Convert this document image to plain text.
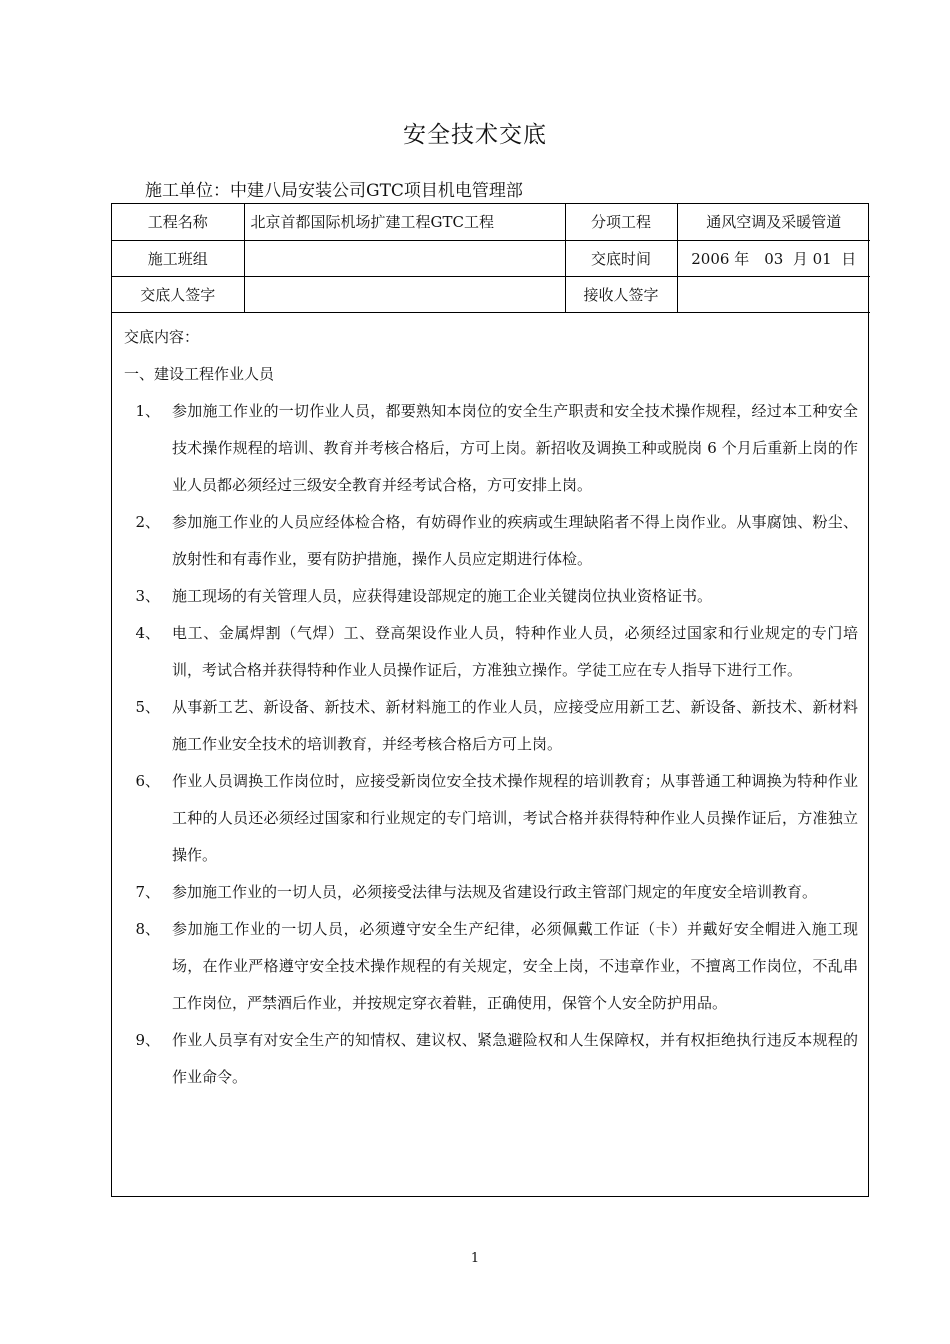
安全技术交底
施工单位：中建八局安装公司GTC项目机电管理部
工程名称	北京首都国际机场扩建工程GTC工程	分项工程	通风空调及采暖管道
施工班组		交底时间	2006 年　03  月 01  日
交底人签字		接收人签字	
交底内容：
一、建设工程作业人员
1、 参加施工作业的一切作业人员，都要熟知本岗位的安全生产职责和安全技术操作规程，经过本工种安全技术操作规程的培训、教育并考核合格后，方可上岗。新招收及调换工种或脱岗 6 个月后重新上岗的作业人员都必须经过三级安全教育并经考试合格，方可安排上岗。
2、 参加施工作业的人员应经体检合格，有妨碍作业的疾病或生理缺陷者不得上岗作业。从事腐蚀、粉尘、放射性和有毒作业，要有防护措施，操作人员应定期进行体检。
3、 施工现场的有关管理人员，应获得建设部规定的施工企业关键岗位执业资格证书。
4、 电工、金属焊割（气焊）工、登高架设作业人员，特种作业人员，必须经过国家和行业规定的专门培训，考试合格并获得特种作业人员操作证后，方准独立操作。学徒工应在专人指导下进行工作。
5、 从事新工艺、新设备、新技术、新材料施工的作业人员，应接受应用新工艺、新设备、新技术、新材料施工作业安全技术的培训教育，并经考核合格后方可上岗。
6、 作业人员调换工作岗位时，应接受新岗位安全技术操作规程的培训教育；从事普通工种调换为特种作业工种的人员还必须经过国家和行业规定的专门培训，考试合格并获得特种作业人员操作证后，方准独立操作。
7、 参加施工作业的一切人员，必须接受法律与法规及省建设行政主管部门规定的年度安全培训教育。
8、 参加施工作业的一切人员，必须遵守安全生产纪律，必须佩戴工作证（卡）并戴好安全帽进入施工现场，在作业严格遵守安全技术操作规程的有关规定，安全上岗，不违章作业，不擅离工作岗位，不乱串工作岗位，严禁酒后作业，并按规定穿衣着鞋，正确使用，保管个人安全防护用品。
9、 作业人员享有对安全生产的知情权、建议权、紧急避险权和人生保障权，并有权拒绝执行违反本规程的作业命令。
1
